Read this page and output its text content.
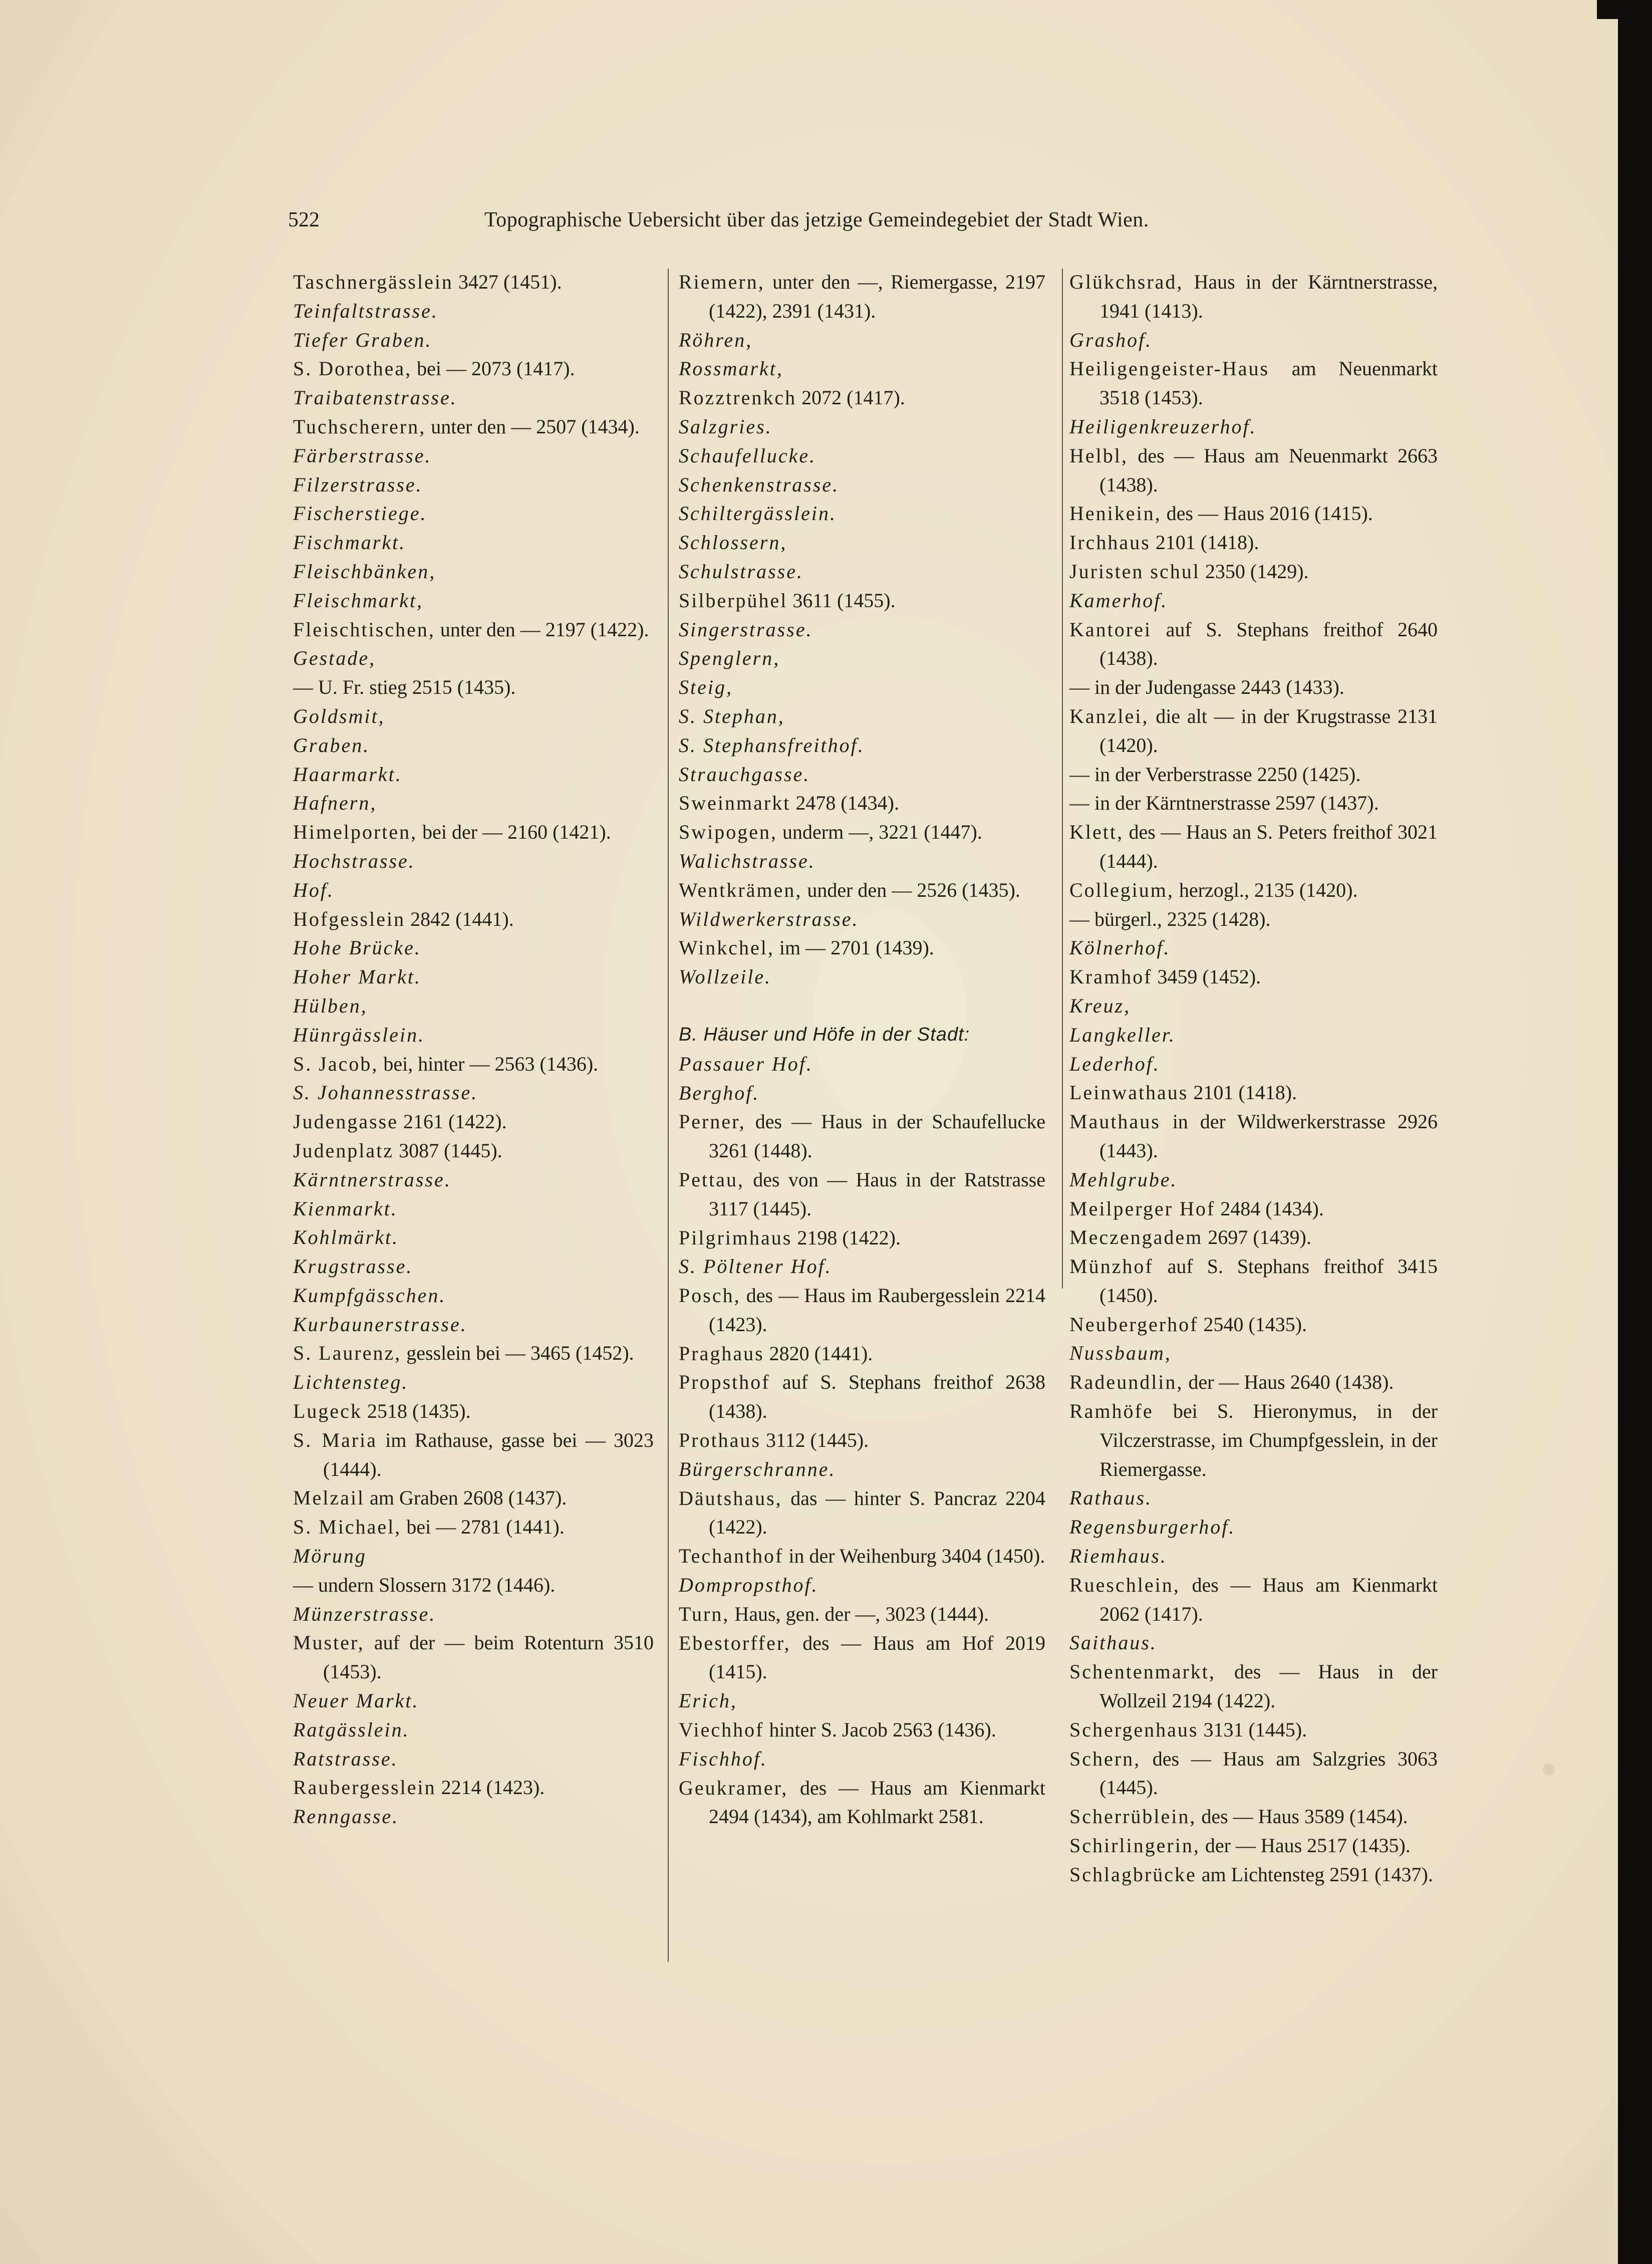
522	Topographische Uebersicht über das jetzige Gemeindegebiet der Stadt Wien.

Taschnergässlein 3427 (1451).

Teinfaltstrasse.

Tiefer Graben.

S. Dorothea, bei — 2073 (1417).

Traibatenstrasse.

Tuchscherern, unter den — 2507 (1434).

Färberstrasse.

Filzerstrasse.

Fischerstiege.

Fischmarkt.

Fleischbänken,

Fleischmarkt,

Fleischtischen, unter den — 2197 (1422).

Gestade,

— U. Fr. stieg 2515 (1435).

Goldsmit,

Graben.

Haarmarkt.

Hafnern,

Himelporten, bei der — 2160 (1421).

Hochstrasse.

Hof.

Hofgesslein 2842 (1441).

Hohe Brücke.

Hoher Markt.

Hülben,

Hünrgässlein.

S. Jacob, bei, hinter — 2563 (1436).

S. Johannesstrasse.

Judengasse 2161 (1422).

Judenplatz 3087 (1445).

Kärntnerstrasse.

Kienmarkt.

Kohlmärkt.

Krugstrasse.

Kumpfgässchen.

Kurbaunerstrasse.

S. Laurenz, gesslein bei — 3465 (1452).

Lichtensteg.

Lugeck 2518 (1435).

S. Maria im Rathause, gasse bei — 3023 (1444).

Melzail am Graben 2608 (1437).

S. Michael, bei — 2781 (1441).

Mörung

— undern Slossern 3172 (1446).

Münzerstrasse.

Muster, auf der — beim Rotenturn 3510 (1453).

Neuer Markt.

Ratgässlein.

Ratstrasse.

Raubergesslein 2214 (1423).

Renngasse.

Riemern, unter den —, Riemergasse, 2197 (1422), 2391 (1431).

Röhren,

Rossmarkt,

Rozztrenkch 2072 (1417).

Salzgries.

Schaufellucke.

Schenkenstrasse.

Schiltergässlein.

Schlossern,

Schulstrasse.

Silberpühel 3611 (1455).

Singerstrasse.

Spenglern,

Steig,

S. Stephan,

S. Stephansfreithof.

Strauchgasse.

Sweinmarkt 2478 (1434).

Swipogen, underm —, 3221 (1447).

Walichstrasse.

Wentkrämen, under den — 2526 (1435).

Wildwerkerstrasse.

Winkchel, im — 2701 (1439).

Wollzeile.

B. Häuser und Höfe in der Stadt:

Passauer Hof.

Berghof.

Perner, des — Haus in der Schaufellucke 3261 (1448).

Pettau, des von — Haus in der Ratstrasse 3117 (1445).

Pilgrimhaus 2198 (1422).

S. Pöltener Hof.

Posch, des — Haus im Raubergesslein 2214 (1423).

Praghaus 2820 (1441).

Propsthof auf S. Stephans freithof 2638 (1438).

Prothaus 3112 (1445).

Bürgerschranne.

Däutshaus, das — hinter S. Pancraz 2204 (1422).

Techanthof in der Weihenburg 3404 (1450).

Dompropsthof.

Turn, Haus, gen. der —, 3023 (1444).

Ebestorffer, des — Haus am Hof 2019 (1415).

Erich,

Viechhof hinter S. Jacob 2563 (1436).

Fischhof.

Geukramer, des — Haus am Kienmarkt 2494 (1434), am Kohlmarkt 2581.

Glükchsrad, Haus in der Kärntnerstrasse, 1941 (1413).

Grashof.

Heiligengeister-Haus am Neuenmarkt 3518 (1453).

Heiligenkreuzerhof.

Helbl, des — Haus am Neuenmarkt 2663 (1438).

Henikein, des — Haus 2016 (1415).

Irchhaus 2101 (1418).

Juristen schul 2350 (1429).

Kamerhof.

Kantorei auf S. Stephans freithof 2640 (1438).

— in der Judengasse 2443 (1433).

Kanzlei, die alt — in der Krugstrasse 2131 (1420).

— in der Verberstrasse 2250 (1425).

— in der Kärntnerstrasse 2597 (1437).

Klett, des — Haus an S. Peters freithof 3021 (1444).

Collegium, herzogl., 2135 (1420).

— bürgerl., 2325 (1428).

Kölnerhof.

Kramhof 3459 (1452).

Kreuz,

Langkeller.

Lederhof.

Leinwathaus 2101 (1418).

Mauthaus in der Wildwerkerstrasse 2926 (1443).

Mehlgrube.

Meilperger Hof 2484 (1434).

Meczengadem 2697 (1439).

Münzhof auf S. Stephans freithof 3415 (1450).

Neubergerhof 2540 (1435).

Nussbaum,

Radeundlin, der — Haus 2640 (1438).

Ramhöfe bei S. Hieronymus, in der Vilczerstrasse, im Chumpfgesslein, in der Riemergasse.

Rathaus.

Regensburgerhof.

Riemhaus.

Rueschlein, des — Haus am Kienmarkt 2062 (1417).

Saithaus.

Schentenmarkt, des — Haus in der Wollzeil 2194 (1422).

Schergenhaus 3131 (1445).

Schern, des — Haus am Salzgries 3063 (1445).

Scherrüblein, des — Haus 3589 (1454).

Schirlingerin, der — Haus 2517 (1435).

Schlagbrücke am Lichtensteg 2591 (1437).
